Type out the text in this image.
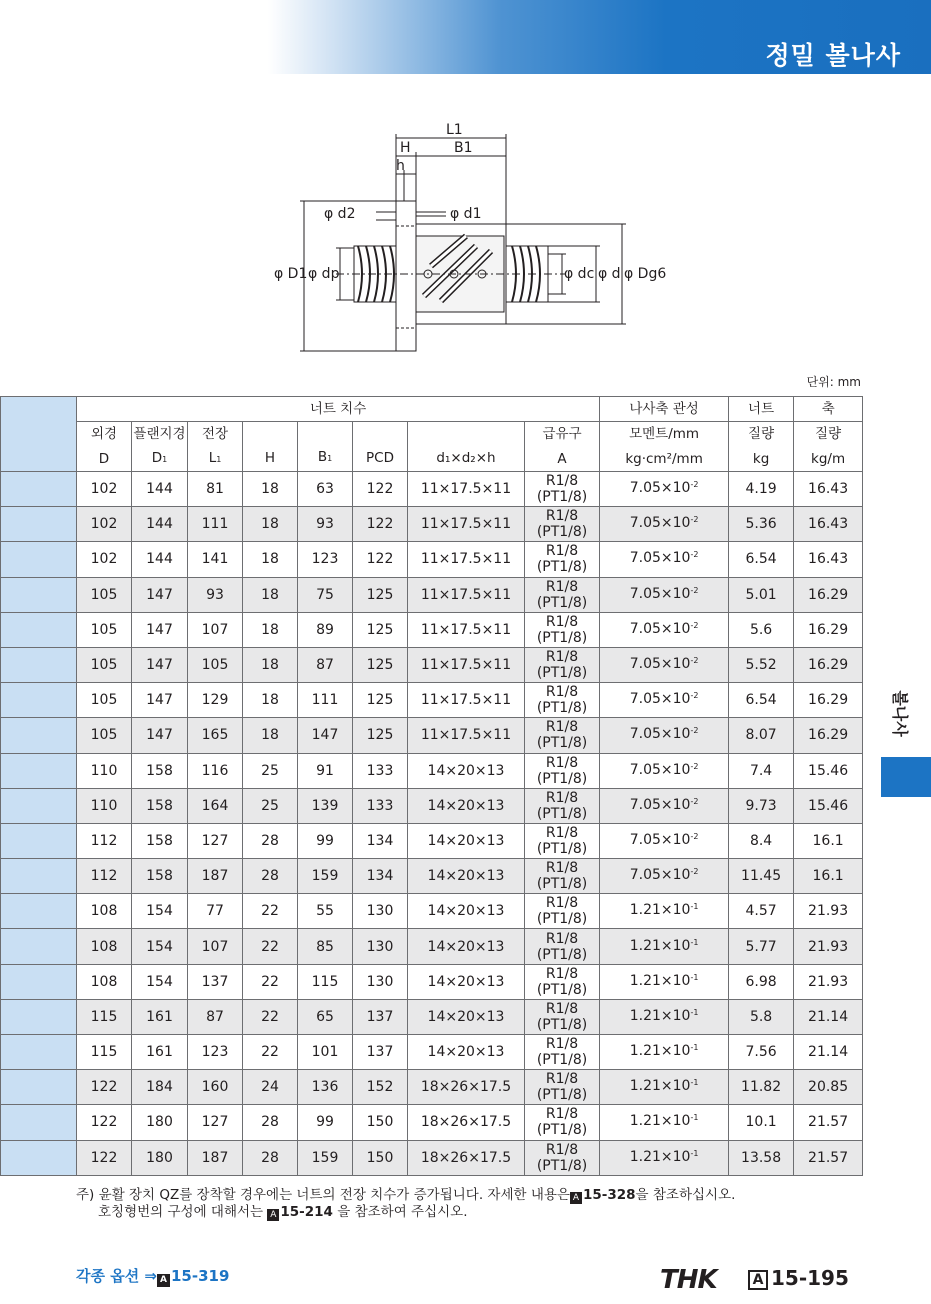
정밀 볼나사
L1
H	B1
h
φ d2	φ d1
φ D1 φ dp	φ dc φ d φ Dg6
단위: mm
	너트 치수								나사축 관성	너트	축
	외경	플랜지경	전장	H	B1	PCD	d₁×d₂×h	급유구	모멘트/mm	질량	질량
	D	D1	L1					A	kg·cm²/mm	kg	kg/m
	102	144	81	18	63	122	11×17.5×11	R1/8
(PT1/8)	$7.05\times 10^{-2}$	4.19	16.43
	102	144	111	18	93	122	11×17.5×11	R1/8
(PT1/8)	$7.05\times 10^{-2}$	5.36	16.43
	102	144	141	18	123	122	11×17.5×11	R1/8
(PT1/8)	$7.05\times 10^{-2}$	6.54	16.43
	105	147	93	18	75	125	11×17.5×11	R1/8
(PT1/8)	$7.05\times 10^{-2}$	5.01	16.29
	105	147	107	18	89	125	11×17.5×11	R1/8
(PT1/8)	$7.05\times 10^{-2}$	5.6	16.29
	105	147	105	18	87	125	11×17.5×11	R1/8
(PT1/8)	$7.05\times 10^{-2}$	5.52	16.29
	105	147	129	18	111	125	11×17.5×11	R1/8
(PT1/8)	$7.05\times 10^{-2}$	6.54	16.29
	105	147	165	18	147	125	11×17.5×11	R1/8
(PT1/8)	$7.05\times 10^{-2}$	8.07	16.29
	110	158	116	25	91	133	14×20×13	R1/8
(PT1/8)	$7.05\times 10^{-2}$	7.4	15.46
	110	158	164	25	139	133	14×20×13	R1/8
(PT1/8)	$7.05\times 10^{-2}$	9.73	15.46
	112	158	127	28	99	134	14×20×13	R1/8
(PT1/8)	$7.05\times 10^{-2}$	8.4	16.1
	112	158	187	28	159	134	14×20×13	R1/8
(PT1/8)	$7.05\times 10^{-2}$	11.45	16.1
	108	154	77	22	55	130	14×20×13	R1/8
(PT1/8)	$1.21\times 10^{-1}$	4.57	21.93
	108	154	107	22	85	130	14×20×13	R1/8
(PT1/8)	$1.21\times 10^{-1}$	5.77	21.93
	108	154	137	22	115	130	14×20×13	R1/8
(PT1/8)	$1.21\times 10^{-1}$	6.98	21.93
	115	161	87	22	65	137	14×20×13	R1/8
(PT1/8)	$1.21\times 10^{-1}$	5.8	21.14
	115	161	123	22	101	137	14×20×13	R1/8
(PT1/8)	$1.21\times 10^{-1}$	7.56	21.14
	122	184	160	24	136	152	18×26×17.5	R1/8
(PT1/8)	$1.21\times 10^{-1}$	11.82	20.85
	122	180	127	28	99	150	18×26×17.5	R1/8
(PT1/8)	$1.21\times 10^{-1}$	10.1	21.57
	122	180	187	28	159	150	18×26×17.5	R1/8
(PT1/8)	$1.21\times 10^{-1}$	13.58	21.57
볼나사
주) 윤활 장치 QZ를 장착할 경우에는 너트의 전장 치수가 증가됩니다. 자세한 내용은 A 15-328을 참조하십시오.
호칭형번의 구성에 대해서는 A 15-214 을 참조하여 주십시오.
각종 옵션 ⇒ A 15-319	THK	A 15-195
